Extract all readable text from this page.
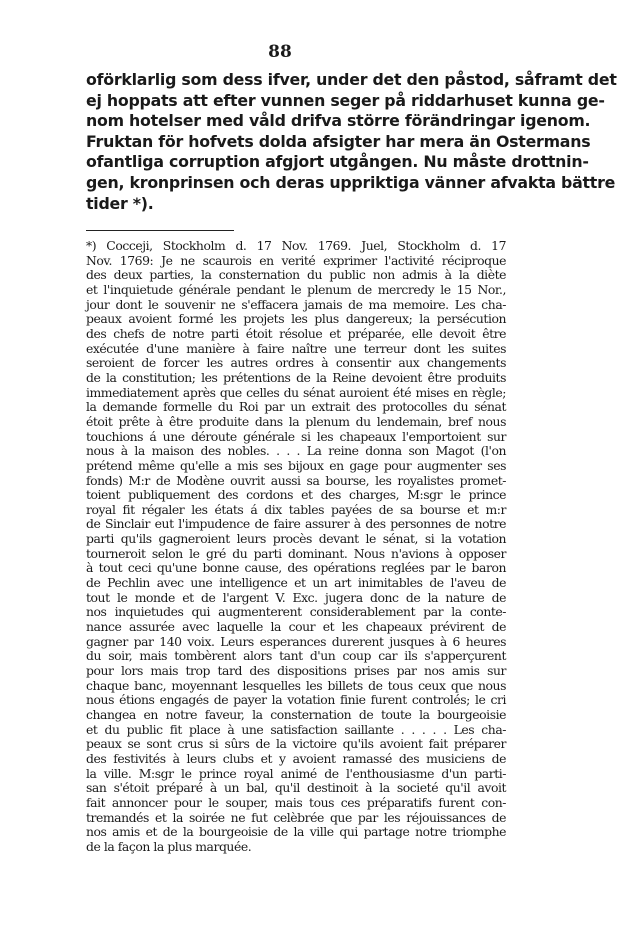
88
oförklarlig som dess ifver, under det den påstod, såframt det
ej hoppats att efter vunnen seger på riddarhuset kunna ge-
nom hotelser med våld drifva större förändringar igenom.
Fruktan för hofvets dolda afsigter har mera än Ostermans
ofantliga corruption afgjort utgången. Nu måste drottnin-
gen, kronprinsen och deras uppriktiga vänner afvakta bättre
tider *).
*) Cocceji, Stockholm d. 17 Nov. 1769. Juel, Stockholm d. 17
Nov. 1769: Je ne scaurois en verité exprimer l'activité réciproque
des deux parties, la consternation du public non admis à la diète
et l'inquietude générale pendant le plenum de mercredy le 15 Nor.,
jour dont le souvenir ne s'effacera jamais de ma memoire. Les cha-
peaux avoient formé les projets les plus dangereux; la persécution
des chefs de notre parti étoit résolue et préparée, elle devoit être
exécutée d'une manière à faire naître une terreur dont les suites
seroient de forcer les autres ordres à consentir aux changements
de la constitution; les prétentions de la Reine devoient être produits
immediatement après que celles du sénat auroient été mises en règle;
la demande formelle du Roi par un extrait des protocolles du sénat
étoit prête à être produite dans la plenum du lendemain, bref nous
touchions á une déroute générale si les chapeaux l'emportoient sur
nous à la maison des nobles. . . . La reine donna son Magot (l'on
prétend même qu'elle a mis ses bijoux en gage pour augmenter ses
fonds) M:r de Modène ouvrit aussi sa bourse, les royalistes promet-
toient publiquement des cordons et des charges, M:sgr le prince
royal fit régaler les états á dix tables payées de sa bourse et m:r
de Sinclair eut l'impudence de faire assurer à des personnes de notre
parti qu'ils gagneroient leurs procès devant le sénat, si la votation
tourneroit selon le gré du parti dominant. Nous n'avions à opposer
à tout ceci qu'une bonne cause, des opérations reglées par le baron
de Pechlin avec une intelligence et un art inimitables de l'aveu de
tout le monde et de l'argent V. Exc. jugera donc de la nature de
nos inquietudes qui augmenterent considerablement par la conte-
nance assurée avec laquelle la cour et les chapeaux prévirent de
gagner par 140 voix. Leurs esperances durerent jusques à 6 heures
du soir, mais tombèrent alors tant d'un coup car ils s'apperçurent
pour lors mais trop tard des dispositions prises par nos amis sur
chaque banc, moyennant lesquelles les billets de tous ceux que nous
nous étions engagés de payer la votation finie furent controlés; le cri
changea en notre faveur, la consternation de toute la bourgeoisie
et du public fit place à une satisfaction saillante . . . . . Les cha-
peaux se sont crus si sûrs de la victoire qu'ils avoient fait préparer
des festivités à leurs clubs et y avoient ramassé des musiciens de
la ville. M:sgr le prince royal animé de l'enthousiasme d'un parti-
san s'étoit préparé à un bal, qu'il destinoit à la societé qu'il avoit
fait annoncer pour le souper, mais tous ces préparatifs furent con-
tremandés et la soirée ne fut celèbrée que par les réjouissances de
nos amis et de la bourgeoisie de la ville qui partage notre triomphe
de la façon la plus marquée.
